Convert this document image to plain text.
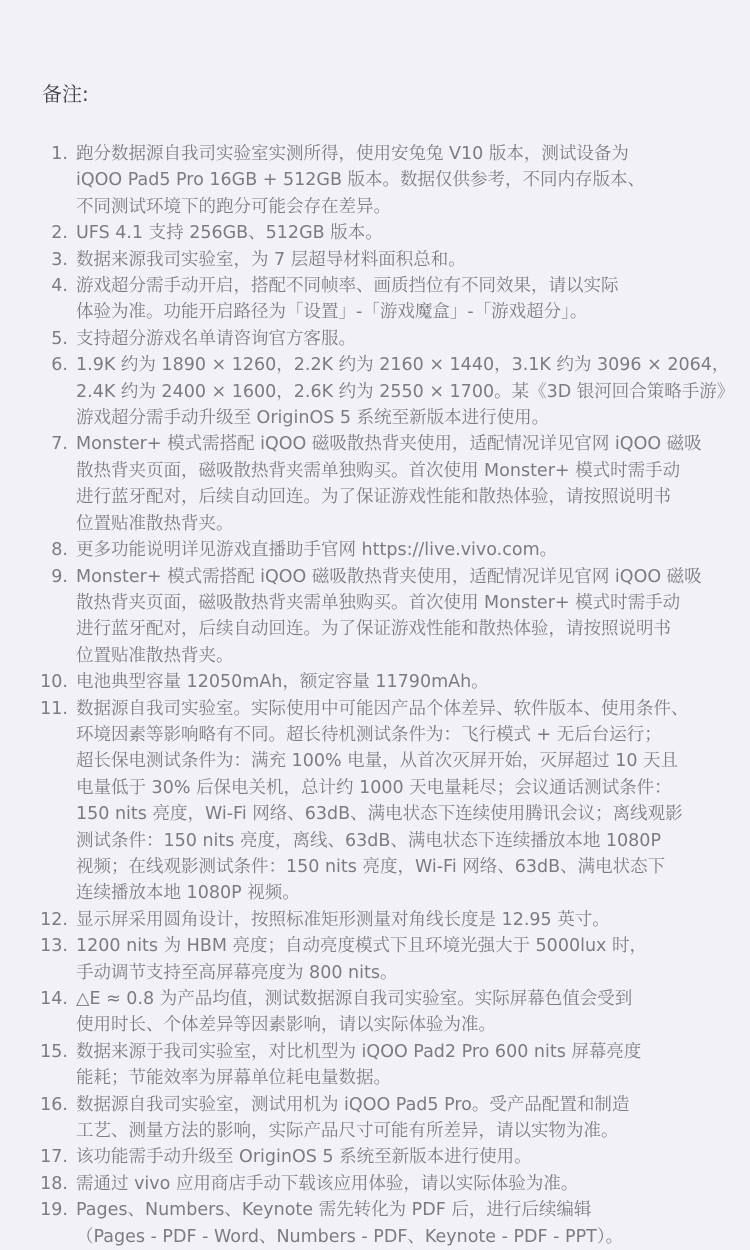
备注:
1. 跑分数据源自我司实验室实测所得，使用安兔兔 V10 版本，测试设备为
iQOO Pad5 Pro 16GB + 512GB 版本。数据仅供参考，不同内存版本、
不同测试环境下的跑分可能会存在差异。
2. UFS 4.1 支持 256GB、512GB 版本。
3. 数据来源我司实验室，为 7 层超导材料面积总和。
4. 游戏超分需手动开启，搭配不同帧率、画质挡位有不同效果，请以实际
体验为准。功能开启路径为「设置」-「游戏魔盒」-「游戏超分」。
5. 支持超分游戏名单请咨询官方客服。
6. 1.9K 约为 1890 × 1260，2.2K 约为 2160 × 1440，3.1K 约为 3096 × 2064，
2.4K 约为 2400 × 1600，2.6K 约为 2550 × 1700。某《3D 银河回合策略手游》
游戏超分需手动升级至 OriginOS 5 系统至新版本进行使用。
7. Monster+ 模式需搭配 iQOO 磁吸散热背夹使用，适配情况详见官网 iQOO 磁吸
散热背夹页面，磁吸散热背夹需单独购买。首次使用 Monster+ 模式时需手动
进行蓝牙配对，后续自动回连。为了保证游戏性能和散热体验，请按照说明书
位置贴准散热背夹。
8. 更多功能说明详见游戏直播助手官网 https://live.vivo.com。
9. Monster+ 模式需搭配 iQOO 磁吸散热背夹使用，适配情况详见官网 iQOO 磁吸
散热背夹页面，磁吸散热背夹需单独购买。首次使用 Monster+ 模式时需手动
进行蓝牙配对，后续自动回连。为了保证游戏性能和散热体验，请按照说明书
位置贴准散热背夹。
10. 电池典型容量 12050mAh，额定容量 11790mAh。
11. 数据源自我司实验室。实际使用中可能因产品个体差异、软件版本、使用条件、
环境因素等影响略有不同。超长待机测试条件为：飞行模式 + 无后台运行；
超长保电测试条件为：满充 100% 电量，从首次灭屏开始，灭屏超过 10 天且
电量低于 30% 后保电关机，总计约 1000 天电量耗尽；会议通话测试条件：
150 nits 亮度，Wi-Fi 网络、63dB、满电状态下连续使用腾讯会议；离线观影
测试条件：150 nits 亮度，离线、63dB、满电状态下连续播放本地 1080P
视频；在线观影测试条件：150 nits 亮度，Wi-Fi 网络、63dB、满电状态下
连续播放本地 1080P 视频。
12. 显示屏采用圆角设计，按照标准矩形测量对角线长度是 12.95 英寸。
13. 1200 nits 为 HBM 亮度；自动亮度模式下且环境光强大于 5000lux 时，
手动调节支持至高屏幕亮度为 800 nits。
14. △E ≈ 0.8 为产品均值，测试数据源自我司实验室。实际屏幕色值会受到
使用时长、个体差异等因素影响，请以实际体验为准。
15. 数据来源于我司实验室，对比机型为 iQOO Pad2 Pro 600 nits 屏幕亮度
能耗；节能效率为屏幕单位耗电量数据。
16. 数据源自我司实验室，测试用机为 iQOO Pad5 Pro。受产品配置和制造
工艺、测量方法的影响，实际产品尺寸可能有所差异，请以实物为准。
17. 该功能需手动升级至 OriginOS 5 系统至新版本进行使用。
18. 需通过 vivo 应用商店手动下载该应用体验，请以实际体验为准。
19. Pages、Numbers、Keynote 需先转化为 PDF 后，进行后续编辑
（Pages - PDF - Word、Numbers - PDF、Keynote - PDF - PPT）。
